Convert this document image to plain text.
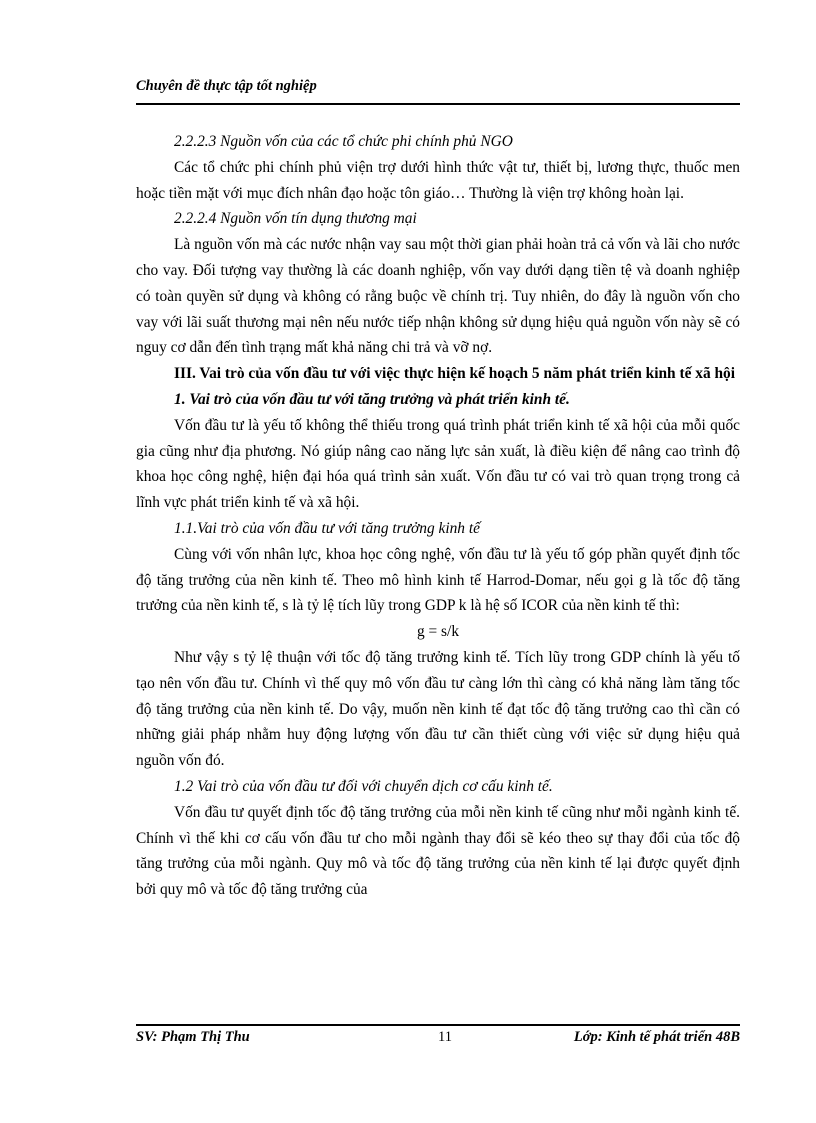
Chuyên đề thực tập tốt nghiệp

2.2.2.3 Nguồn vốn của các tổ chức phi chính phủ NGO

Các tổ chức phi chính phủ viện trợ dưới hình thức vật tư, thiết bị, lương thực, thuốc men hoặc tiền mặt với mục đích nhân đạo hoặc tôn giáo… Thường là viện trợ không hoàn lại.

2.2.2.4 Nguồn vốn tín dụng thương mại

Là nguồn vốn mà các nước nhận vay sau một thời gian phải hoàn trả cả vốn và lãi cho nước cho vay. Đối tượng vay thường là các doanh nghiệp, vốn vay dưới dạng tiền tệ và doanh nghiệp có toàn quyền sử dụng và không có rằng buộc về chính trị. Tuy nhiên, do đây là nguồn vốn cho vay với lãi suất thương mại nên nếu nước tiếp nhận không sử dụng hiệu quả nguồn vốn này sẽ có nguy cơ dẫn đến tình trạng mất khả năng chi trả và vỡ nợ.

III. Vai trò của vốn đầu tư với việc thực hiện kế hoạch 5 năm phát triển kinh tế xã hội

1. Vai trò của vốn đầu tư với tăng trưởng và phát triển kinh tế.

Vốn đầu tư là yếu tố không thể thiếu trong quá trình phát triển kinh tế xã hội của mỗi quốc gia cũng như địa phương. Nó giúp nâng cao năng lực sản xuất, là điều kiện để nâng cao trình độ khoa học công nghệ, hiện đại hóa quá trình sản xuất. Vốn đầu tư có vai trò quan trọng trong cả lĩnh vực phát triển kinh tế và xã hội.

1.1.Vai trò của vốn đầu tư với tăng trưởng kinh tế

Cùng với vốn nhân lực, khoa học công nghệ, vốn đầu tư là yếu tố góp phần quyết định tốc độ tăng trưởng của nền kinh tế. Theo mô hình kinh tế Harrod-Domar, nếu gọi g là tốc độ tăng trưởng của nền kinh tế, s là tỷ lệ tích lũy trong GDP k là hệ số ICOR của nền kinh tế thì:

g = s/k

Như vậy s tỷ lệ thuận với tốc độ tăng trưởng kinh tế. Tích lũy trong GDP chính là yếu tố tạo nên vốn đầu tư. Chính vì thế quy mô vốn đầu tư càng lớn thì càng có khả năng làm tăng tốc độ tăng trưởng của nền kinh tế. Do vậy, muốn nền kinh tế đạt tốc độ tăng trưởng cao thì cần có những giải pháp nhằm huy động lượng vốn đầu tư cần thiết cùng với việc sử dụng hiệu quả nguồn vốn đó.

1.2 Vai trò của vốn đầu tư đối với chuyển dịch cơ cấu kinh tế.

Vốn đầu tư quyết định tốc độ tăng trưởng của mỗi nền kinh tế cũng như mỗi ngành kinh tế. Chính vì thế khi cơ cấu vốn đầu tư cho mỗi ngành thay đổi sẽ kéo theo sự thay đổi của tốc độ tăng trưởng của mỗi ngành. Quy mô và tốc độ tăng trưởng của nền kinh tế lại được quyết định bởi quy mô và tốc độ tăng trưởng của

SV: Phạm Thị Thu	11	Lớp: Kinh tế phát triển 48B
